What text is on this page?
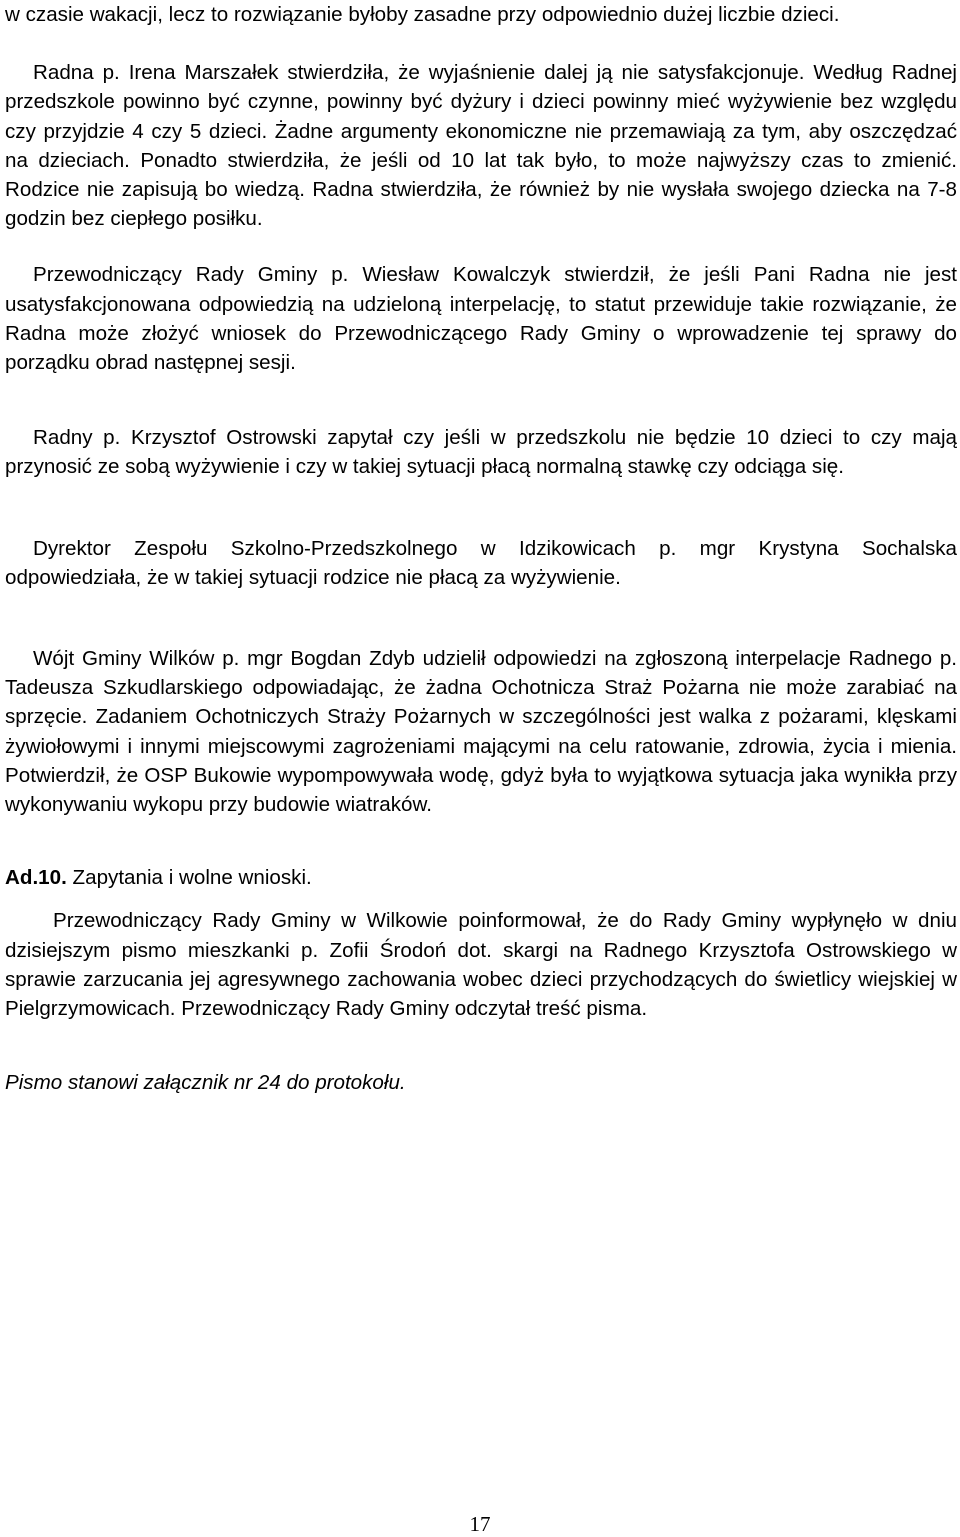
w czasie wakacji, lecz to rozwiązanie byłoby zasadne przy odpowiednio dużej liczbie dzieci.

Radna p. Irena Marszałek stwierdziła, że wyjaśnienie dalej ją nie satysfakcjonuje. Według Radnej przedszkole powinno być czynne, powinny być dyżury i dzieci powinny mieć wyżywienie bez względu czy przyjdzie 4 czy 5 dzieci. Żadne argumenty ekonomiczne nie przemawiają za tym, aby oszczędzać na dzieciach. Ponadto stwierdziła, że jeśli od 10 lat tak było, to może najwyższy czas to zmienić. Rodzice nie zapisują bo wiedzą. Radna stwierdziła, że również by nie wysłała swojego dziecka na 7-8 godzin bez ciepłego posiłku.

Przewodniczący Rady Gminy p. Wiesław Kowalczyk stwierdził, że jeśli Pani Radna nie jest usatysfakcjonowana odpowiedzią na udzieloną interpelację, to statut przewiduje takie rozwiązanie, że Radna może złożyć wniosek do Przewodniczącego Rady Gminy o wprowadzenie tej sprawy do porządku obrad następnej sesji.

Radny p. Krzysztof Ostrowski zapytał czy jeśli w przedszkolu nie będzie 10 dzieci to czy mają przynosić ze sobą wyżywienie i czy w takiej sytuacji płacą normalną stawkę czy odciąga się.

Dyrektor Zespołu Szkolno-Przedszkolnego w Idzikowicach p. mgr Krystyna Sochalska odpowiedziała, że w takiej sytuacji rodzice nie płacą za wyżywienie.

Wójt Gminy Wilków p. mgr Bogdan Zdyb udzielił odpowiedzi na zgłoszoną interpelacje Radnego p. Tadeusza Szkudlarskiego odpowiadając, że żadna Ochotnicza Straż Pożarna nie może zarabiać na sprzęcie. Zadaniem Ochotniczych Straży Pożarnych w szczególności jest walka z pożarami, klęskami żywiołowymi i innymi miejscowymi zagrożeniami mającymi na celu ratowanie, zdrowia, życia i mienia. Potwierdził, że OSP Bukowie wypompowywała wodę, gdyż była to wyjątkowa sytuacja jaka wynikła przy wykonywaniu wykopu przy budowie wiatraków.

Ad.10. Zapytania i wolne wnioski.

Przewodniczący Rady Gminy w Wilkowie poinformował, że do Rady Gminy wypłynęło w dniu dzisiejszym pismo mieszkanki p. Zofii Środoń dot. skargi na Radnego Krzysztofa Ostrowskiego w sprawie zarzucania jej agresywnego zachowania wobec dzieci przychodzących do świetlicy wiejskiej w Pielgrzymowicach. Przewodniczący Rady Gminy odczytał treść pisma.

Pismo stanowi załącznik nr 24 do protokołu.

17
